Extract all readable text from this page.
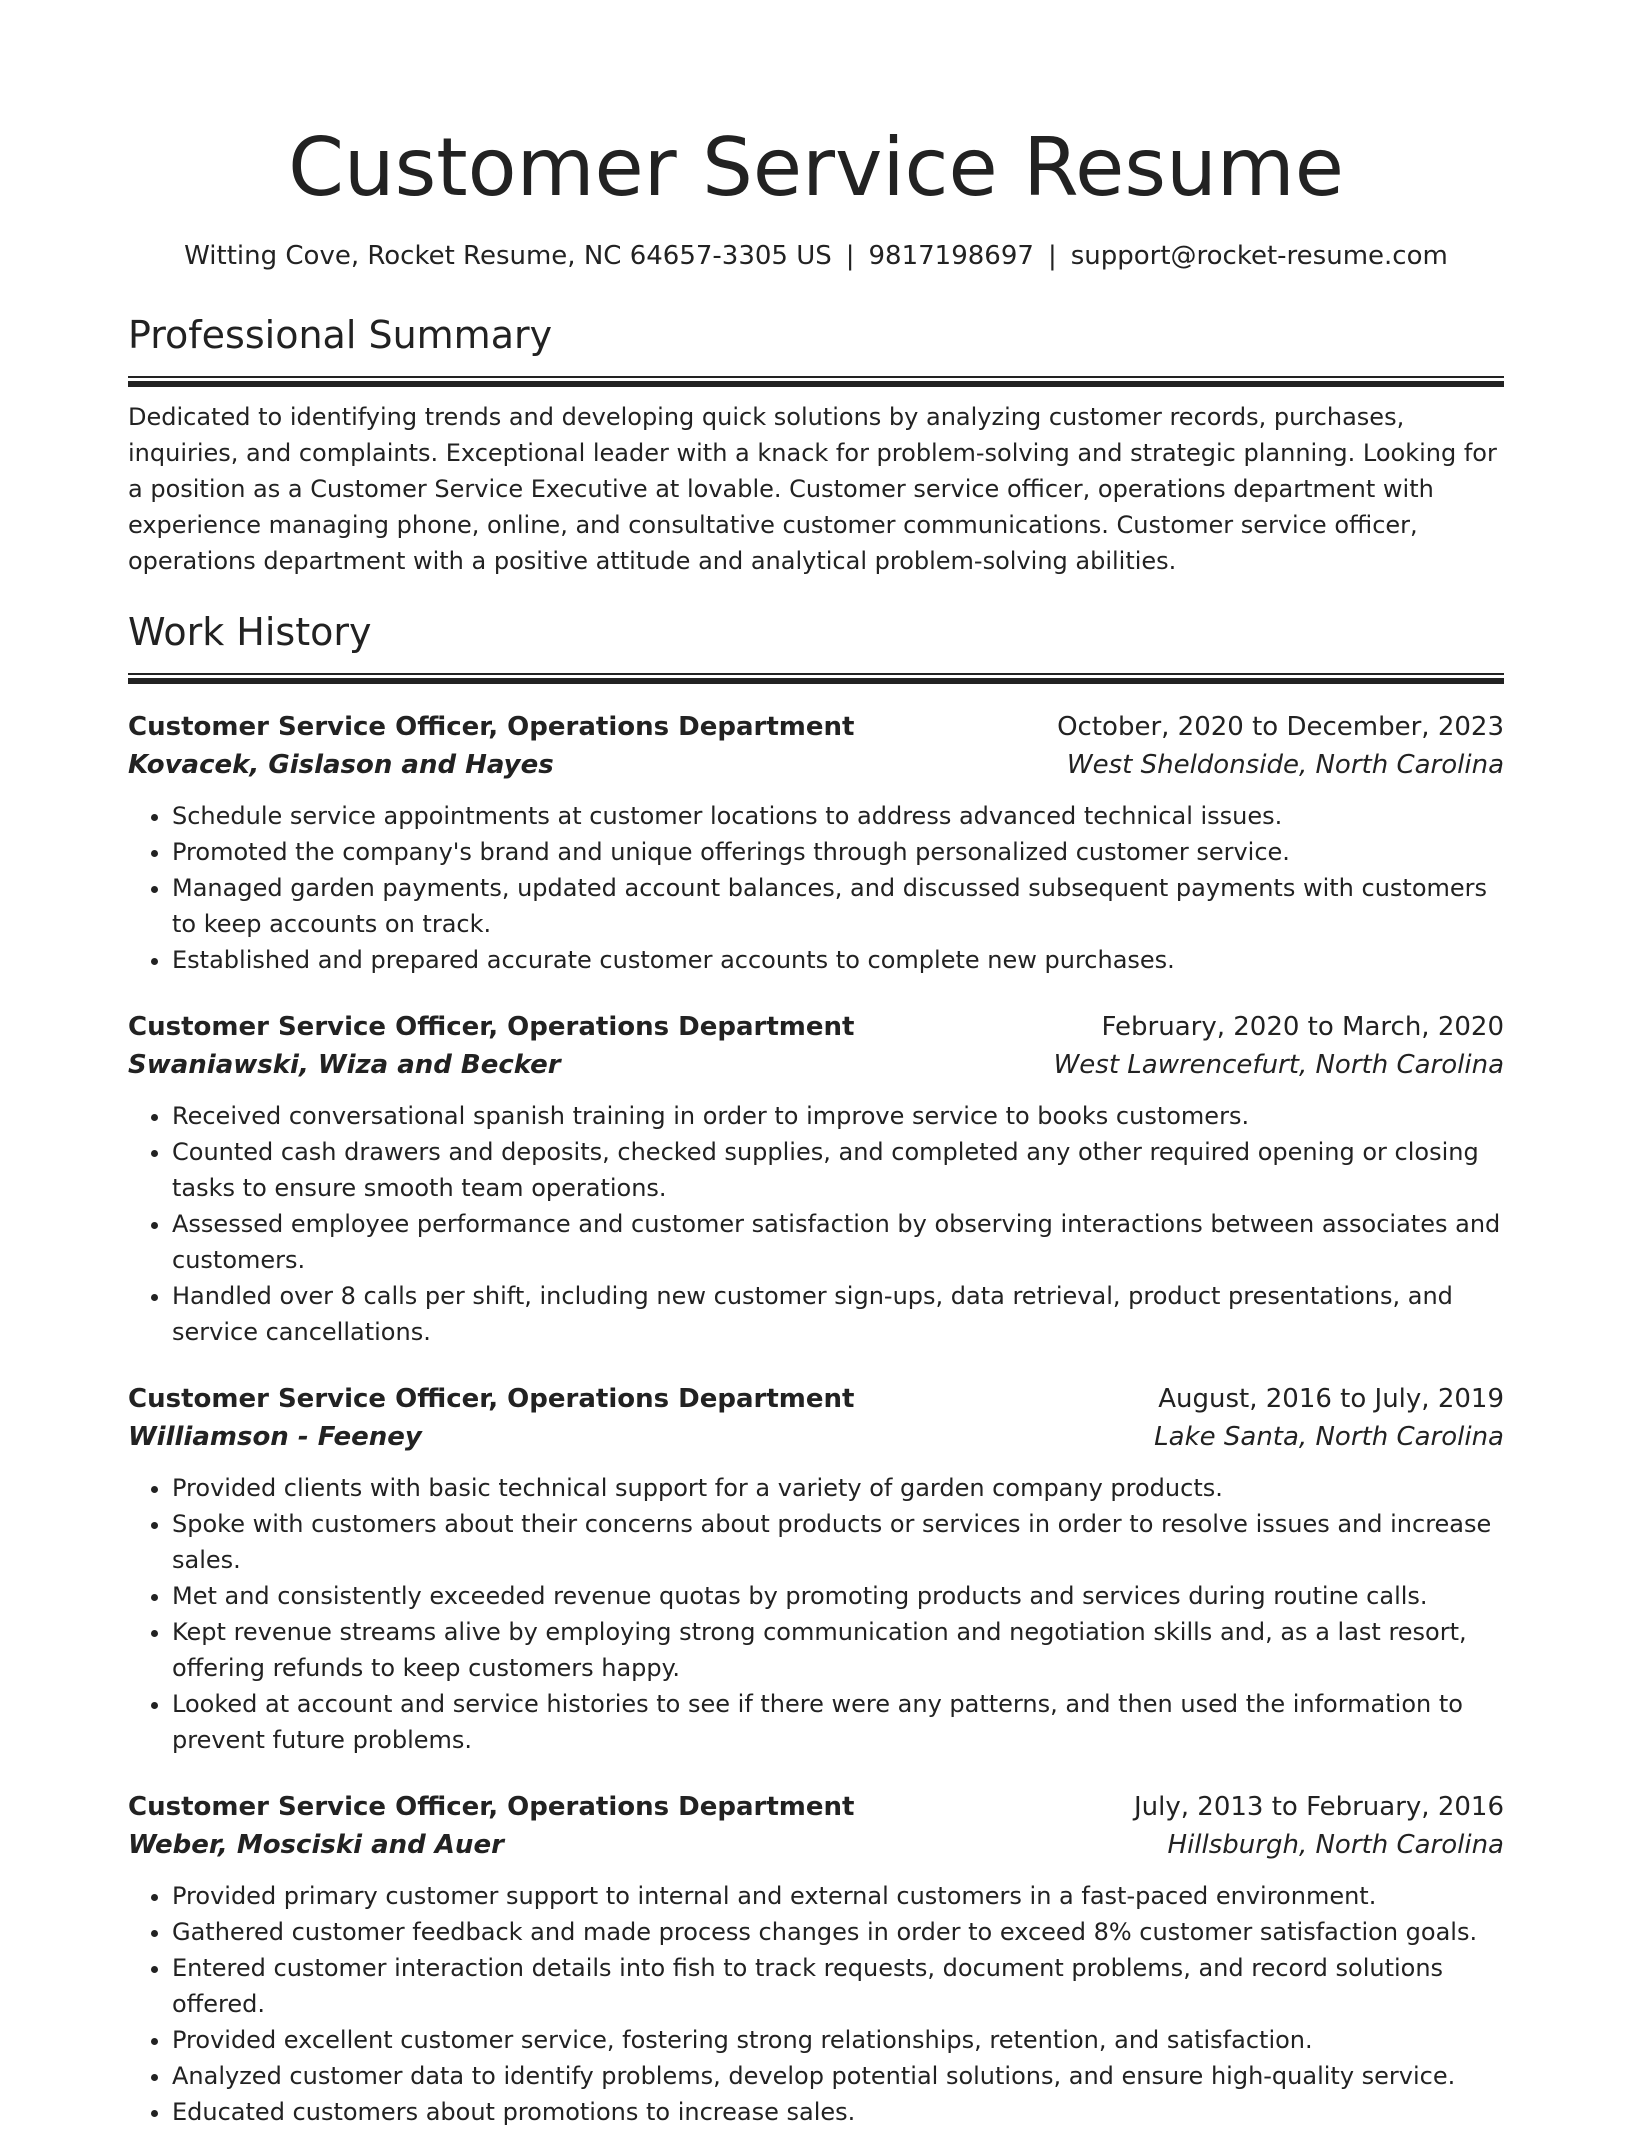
Customer Service Resume
Witting Cove, Rocket Resume, NC 64657-3305 US | 9817198697 | support@rocket-resume.com
Professional Summary

Dedicated to identifying trends and developing quick solutions by analyzing customer records, purchases, inquiries, and complaints. Exceptional leader with a knack for problem-solving and strategic planning. Looking for a position as a Customer Service Executive at lovable. Customer service officer, operations department with experience managing phone, online, and consultative customer communications. Customer service officer, operations department with a positive attitude and analytical problem-solving abilities.

Work History
Customer Service Officer, Operations Department	October, 2020 to December, 2023
Kovacek, Gislason and Hayes	West Sheldonside, North Carolina
• Schedule service appointments at customer locations to address advanced technical issues.
• Promoted the company's brand and unique offerings through personalized customer service.
• Managed garden payments, updated account balances, and discussed subsequent payments with customers to keep accounts on track.
• Established and prepared accurate customer accounts to complete new purchases.
Customer Service Officer, Operations Department	February, 2020 to March, 2020
Swaniawski, Wiza and Becker	West Lawrencefurt, North Carolina
• Received conversational spanish training in order to improve service to books customers.
• Counted cash drawers and deposits, checked supplies, and completed any other required opening or closing tasks to ensure smooth team operations.
• Assessed employee performance and customer satisfaction by observing interactions between associates and customers.
• Handled over 8 calls per shift, including new customer sign-ups, data retrieval, product presentations, and service cancellations.
Customer Service Officer, Operations Department	August, 2016 to July, 2019
Williamson - Feeney	Lake Santa, North Carolina
• Provided clients with basic technical support for a variety of garden company products.
• Spoke with customers about their concerns about products or services in order to resolve issues and increase sales.
• Met and consistently exceeded revenue quotas by promoting products and services during routine calls.
• Kept revenue streams alive by employing strong communication and negotiation skills and, as a last resort, offering refunds to keep customers happy.
• Looked at account and service histories to see if there were any patterns, and then used the information to prevent future problems.
Customer Service Officer, Operations Department	July, 2013 to February, 2016
Weber, Mosciski and Auer	Hillsburgh, North Carolina
• Provided primary customer support to internal and external customers in a fast-paced environment.
• Gathered customer feedback and made process changes in order to exceed 8% customer satisfaction goals.
• Entered customer interaction details into fish to track requests, document problems, and record solutions offered.
• Provided excellent customer service, fostering strong relationships, retention, and satisfaction.
• Analyzed customer data to identify problems, develop potential solutions, and ensure high-quality service.
• Educated customers about promotions to increase sales.
